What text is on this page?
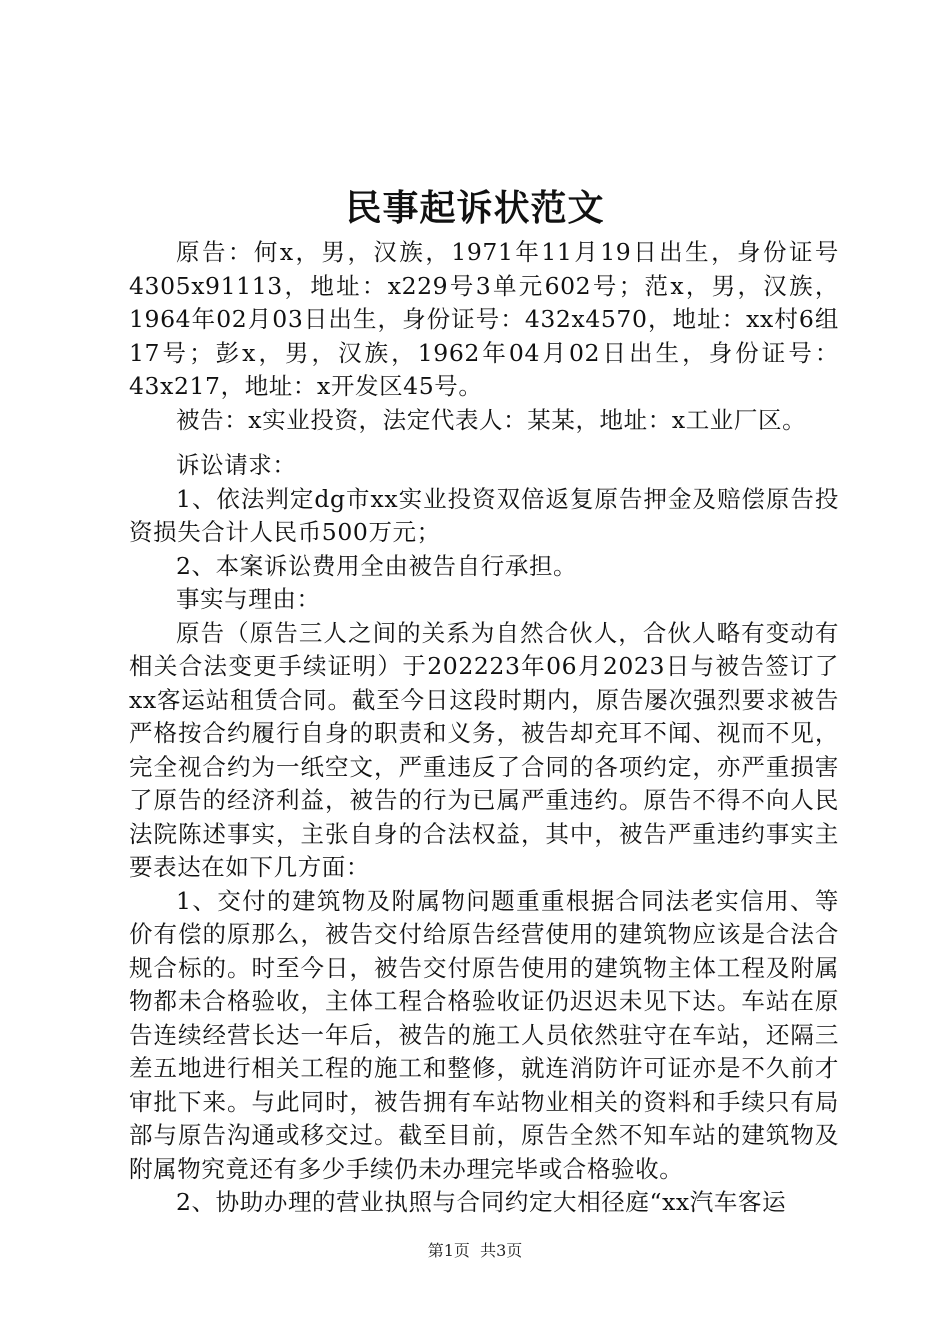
民事起诉状范文

原告：何x，男，汉族，1971年11月19日出生，身份证号4305x91113，地址：x229号3单元602号；范x，男，汉族，1964年02月03日出生，身份证号：432x4570，地址：xx村6组17号；彭x，男，汉族，1962年04月02日出生，身份证号：43x217，地址：x开发区45号。

被告：x实业投资，法定代表人：某某，地址：x工业厂区。

诉讼请求：

1、依法判定dg市xx实业投资双倍返复原告押金及赔偿原告投资损失合计人民币500万元；

2、本案诉讼费用全由被告自行承担。

事实与理由：

原告（原告三人之间的关系为自然合伙人，合伙人略有变动有相关合法变更手续证明）于202223年06月2023日与被告签订了xx客运站租赁合同。截至今日这段时期内，原告屡次强烈要求被告严格按合约履行自身的职责和义务，被告却充耳不闻、视而不见，完全视合约为一纸空文，严重违反了合同的各项约定，亦严重损害了原告的经济利益，被告的行为已属严重违约。原告不得不向人民法院陈述事实，主张自身的合法权益，其中，被告严重违约事实主要表达在如下几方面：

1、交付的建筑物及附属物问题重重根据合同法老实信用、等价有偿的原那么，被告交付给原告经营使用的建筑物应该是合法合规合标的。时至今日，被告交付原告使用的建筑物主体工程及附属物都未合格验收，主体工程合格验收证仍迟迟未见下达。车站在原告连续经营长达一年后，被告的施工人员依然驻守在车站，还隔三差五地进行相关工程的施工和整修，就连消防许可证亦是不久前才审批下来。与此同时，被告拥有车站物业相关的资料和手续只有局部与原告沟通或移交过。截至目前，原告全然不知车站的建筑物及附属物究竟还有多少手续仍未办理完毕或合格验收。

2、协助办理的营业执照与合同约定大相径庭“xx汽车客运

第1页  共3页
